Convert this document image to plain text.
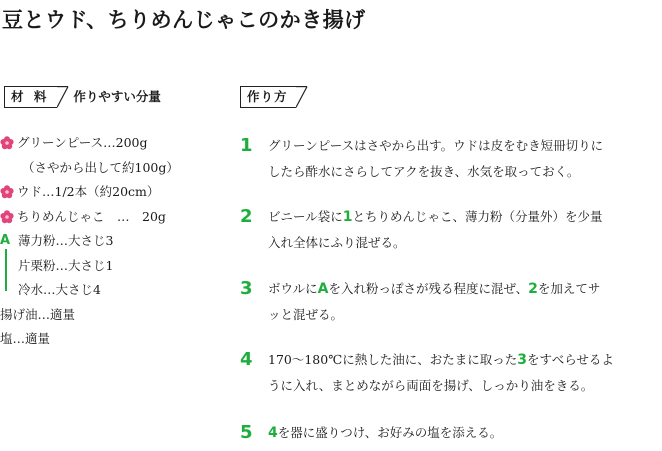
豆とウド、ちりめんじゃこのかき揚げ
材 料	作りやすい分量	作り方
グリーンピース…200g
（さやから出して約100g）
ウド…1/2本（約20cm）
ちりめんじゃこ　…　20g
A 薄力粉…大さじ3
片栗粉…大さじ1
冷水…大さじ4
揚げ油…適量
塩…適量
1	グリーンピースはさやから出す。ウドは皮をむき短冊切りに
したら酢水にさらしてアクを抜き、水気を取っておく。
2	ビニール袋に1とちりめんじゃこ、薄力粉（分量外）を少量
入れ全体にふり混ぜる。
3	ボウルにAを入れ粉っぽさが残る程度に混ぜ、2を加えてサ
ッと混ぜる。
4	170〜180℃に熱した油に、おたまに取った3をすべらせるよ
うに入れ、まとめながら両面を揚げ、しっかり油をきる。
5	4を器に盛りつけ、お好みの塩を添える。
